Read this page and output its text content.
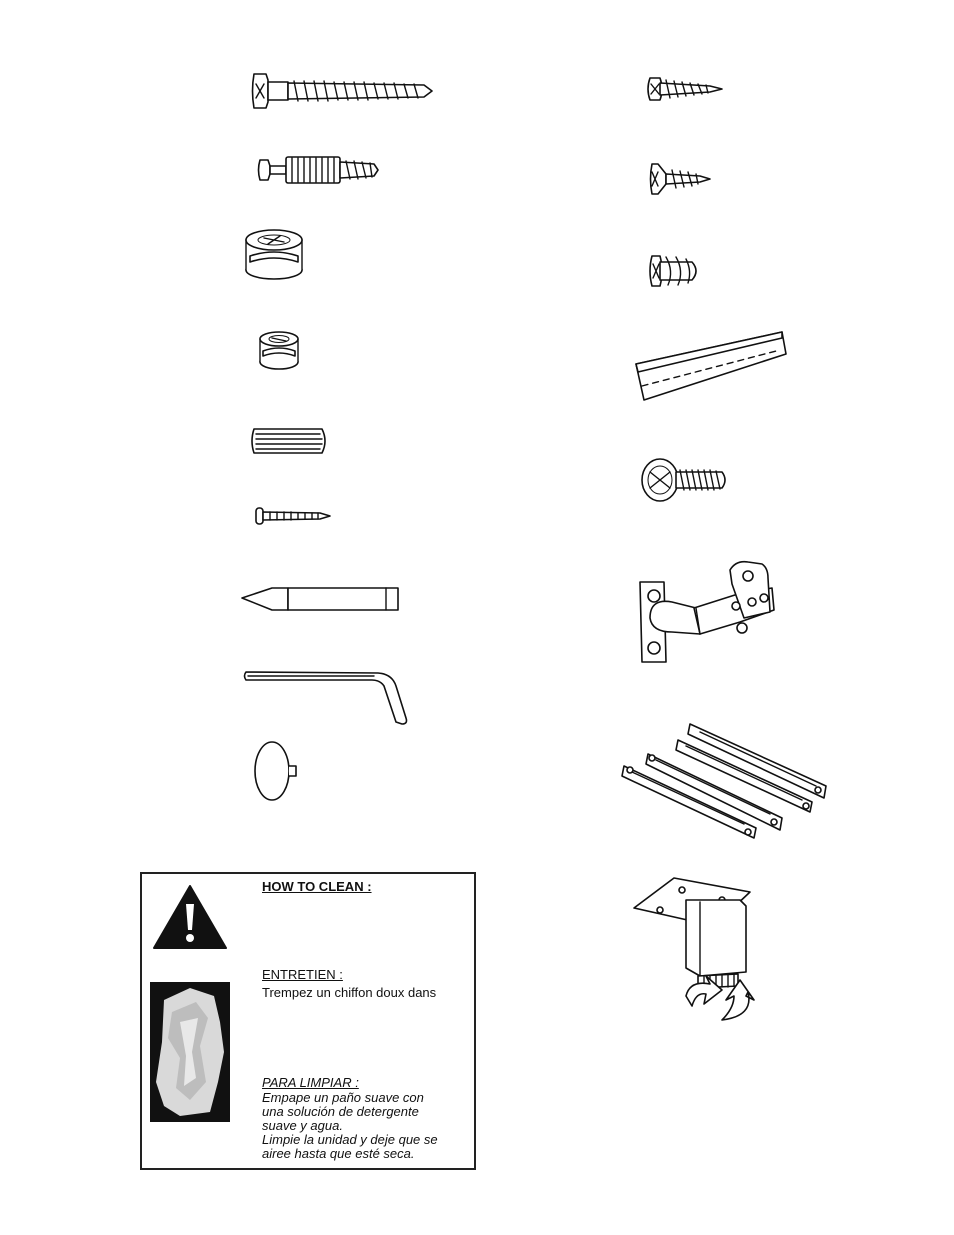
HOW TO CLEAN :
ENTRETIEN :
Trempez un chiffon doux dans
PARA LIMPIAR :
Empape un paño suave con
una solución de detergente
suave y agua.
Limpie la unidad y deje que se
airee hasta que esté seca.
